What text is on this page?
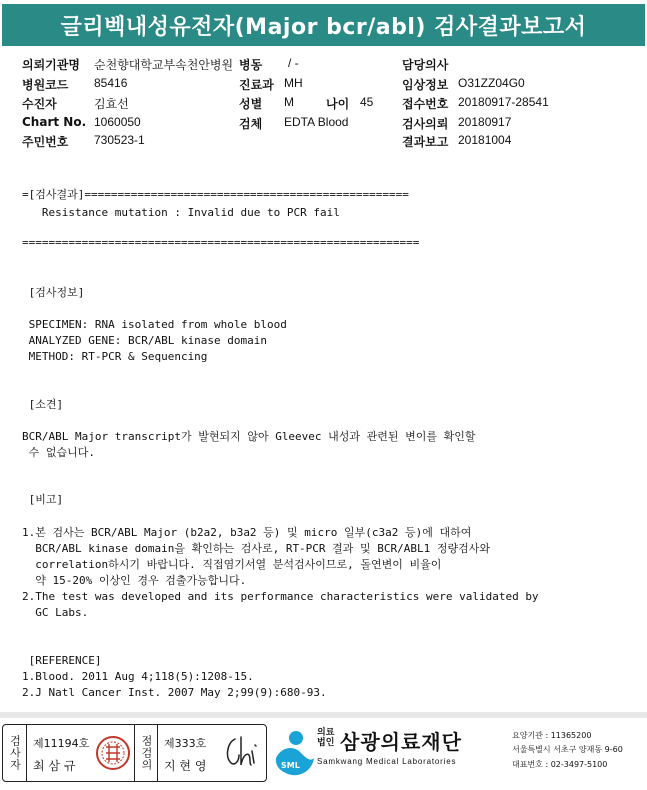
글리벡내성유전자(Major bcr/abl) 검사결과보고서
의뢰기관명 순천향대학교부속천안병원 병동 / -	담당의사
병원코드 85416	진료과 MH	임상정보 O31ZZ04G0
수진자	김효선	성별 M	나이 45 접수번호 20180917-28541
Chart No. 1060050	검체 EDTA Blood	검사의뢰 20180917
주민번호 730523-1	결과보고 20181004
=[검사결과]=================================================
Resistance mutation : Invalid due to PCR fail
============================================================
[검사정보]
SPECIMEN: RNA isolated from whole blood
ANALYZED GENE: BCR/ABL kinase domain
METHOD: RT-PCR & Sequencing
[소견]
BCR/ABL Major transcript가 발현되지 않아 Gleevec 내성과 관련된 변이를 확인할
수 없습니다.
[비고]
1.본 검사는 BCR/ABL Major (b2a2, b3a2 등) 및 micro 일부(c3a2 등)에 대하여
BCR/ABL kinase domain을 확인하는 검사로, RT-PCR 결과 및 BCR/ABL1 정량검사와
correlation하시기 바랍니다. 직접염기서열 분석검사이므로, 돌연변이 비율이
약 15-20% 이상인 경우 검출가능합니다.
2.The test was developed and its performance characteristics were validated by
GC Labs.
[REFERENCE]
1.Blood. 2011 Aug 4;118(5):1208-15.
2.J Natl Cancer Inst. 2007 May 2;99(9):680-93.
검사자	제11194호
최 삼 규	점검의	제333호
지 현 영	SML
의료
법인 삼광의료재단
Samkwang Medical Laboratories
요양기관 : 11365200
서울특별시 서초구 양재동 9-60
대표번호 : 02-3497-5100
